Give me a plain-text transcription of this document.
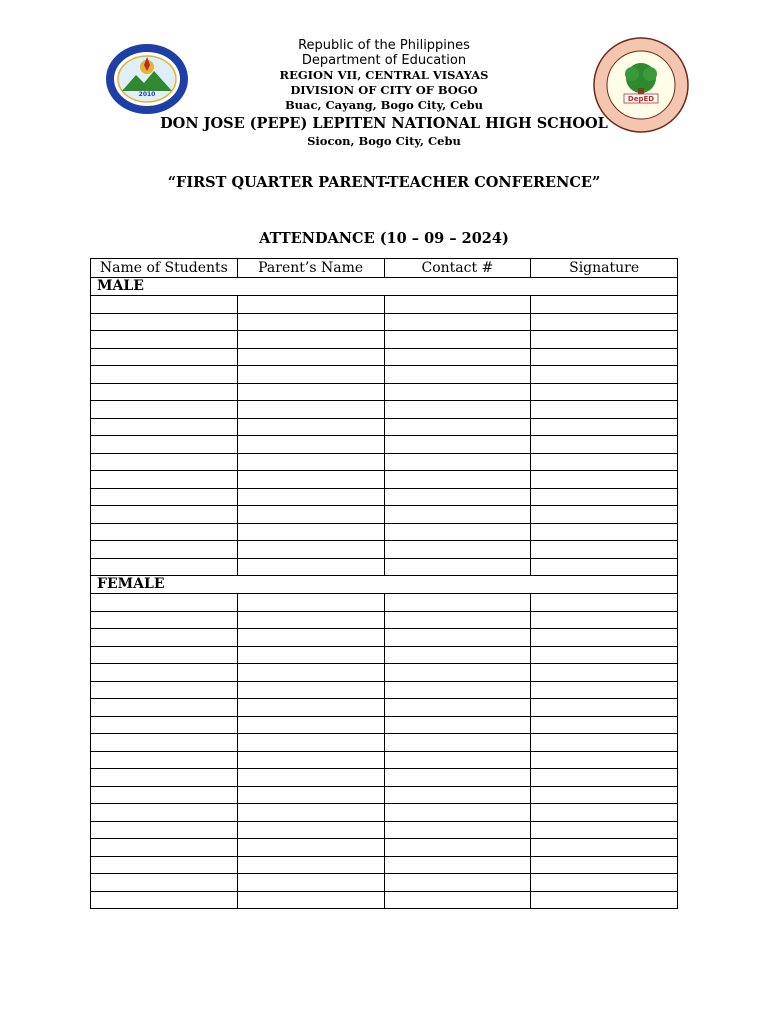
2010
DepED
Republic of the Philippines
Department of Education
REGION VII, CENTRAL VISAYAS
DIVISION OF CITY OF BOGO
Buac, Cayang, Bogo City, Cebu
DON JOSE (PEPE) LEPITEN NATIONAL HIGH SCHOOL
Siocon, Bogo City, Cebu
“FIRST QUARTER PARENT-TEACHER CONFERENCE”
ATTENDANCE (10 – 09 – 2024)
Name of Students	Parent’s Name	Contact #	Signature
MALE			

FEMALE			
